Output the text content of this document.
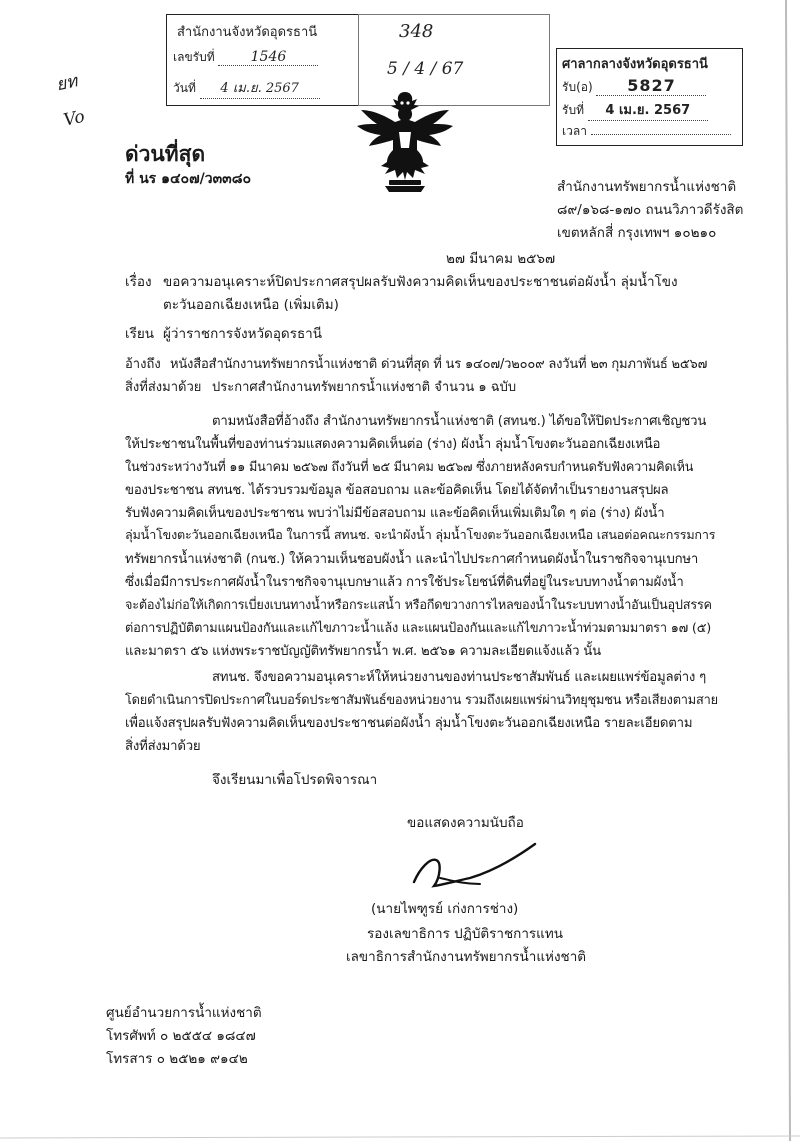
ยท
Vo
สำนักงานจังหวัดอุดรธานี
เลขรับที่	1546
วันที่ 4 เม.ย. 2567
348
5 / 4 / 67	ศาลากลางจังหวัดอุดรธานี
รับ(อ) 5827
รับที่ 4 เม.ย. 2567
เวลา
ด่วนที่สุด
ที่ นร ๑๔๐๗/ว๓๓๘๐	สำนักงานทรัพยากรน้ำแห่งชาติ
๘๙/๑๖๘-๑๗๐ ถนนวิภาวดีรังสิต
เขตหลักสี่ กรุงเทพฯ ๑๐๒๑๐
๒๗ มีนาคม ๒๕๖๗
เรื่อง ขอความอนุเคราะห์ปิดประกาศสรุปผลรับฟังความคิดเห็นของประชาชนต่อผังน้ำ ลุ่มน้ำโขง
ตะวันออกเฉียงเหนือ (เพิ่มเติม)
เรียน ผู้ว่าราชการจังหวัดอุดรธานี
อ้างถึง หนังสือสำนักงานทรัพยากรน้ำแห่งชาติ ด่วนที่สุด ที่ นร ๑๔๐๗/ว๒๐๐๙ ลงวันที่ ๒๓ กุมภาพันธ์ ๒๕๖๗
สิ่งที่ส่งมาด้วย ประกาศสำนักงานทรัพยากรน้ำแห่งชาติ จำนวน ๑ ฉบับ
ตามหนังสือที่อ้างถึง สำนักงานทรัพยากรน้ำแห่งชาติ (สทนช.) ได้ขอให้ปิดประกาศเชิญชวน
ให้ประชาชนในพื้นที่ของท่านร่วมแสดงความคิดเห็นต่อ (ร่าง) ผังน้ำ ลุ่มน้ำโขงตะวันออกเฉียงเหนือ
ในช่วงระหว่างวันที่ ๑๑ มีนาคม ๒๕๖๗ ถึงวันที่ ๒๕ มีนาคม ๒๕๖๗ ซึ่งภายหลังครบกำหนดรับฟังความคิดเห็น
ของประชาชน สทนช. ได้รวบรวมข้อมูล ข้อสอบถาม และข้อคิดเห็น โดยได้จัดทำเป็นรายงานสรุปผล
รับฟังความคิดเห็นของประชาชน พบว่าไม่มีข้อสอบถาม และข้อคิดเห็นเพิ่มเติมใด ๆ ต่อ (ร่าง) ผังน้ำ
ลุ่มน้ำโขงตะวันออกเฉียงเหนือ ในการนี้ สทนช. จะนำผังน้ำ ลุ่มน้ำโขงตะวันออกเฉียงเหนือ เสนอต่อคณะกรรมการ
ทรัพยากรน้ำแห่งชาติ (กนช.) ให้ความเห็นชอบผังน้ำ และนำไปประกาศกำหนดผังน้ำในราชกิจจานุเบกษา
ซึ่งเมื่อมีการประกาศผังน้ำในราชกิจจานุเบกษาแล้ว การใช้ประโยชน์ที่ดินที่อยู่ในระบบทางน้ำตามผังน้ำ
จะต้องไม่ก่อให้เกิดการเบี่ยงเบนทางน้ำหรือกระแสน้ำ หรือกีดขวางการไหลของน้ำในระบบทางน้ำอันเป็นอุปสรรค
ต่อการปฏิบัติตามแผนป้องกันและแก้ไขภาวะน้ำแล้ง และแผนป้องกันและแก้ไขภาวะน้ำท่วมตามมาตรา ๑๗ (๕)
และมาตรา ๕๖ แห่งพระราชบัญญัติทรัพยากรน้ำ พ.ศ. ๒๕๖๑ ความละเอียดแจ้งแล้ว นั้น
สทนช. จึงขอความอนุเคราะห์ให้หน่วยงานของท่านประชาสัมพันธ์ และเผยแพร่ข้อมูลต่าง ๆ
โดยดำเนินการปิดประกาศในบอร์ดประชาสัมพันธ์ของหน่วยงาน รวมถึงเผยแพร่ผ่านวิทยุชุมชน หรือเสียงตามสาย
เพื่อแจ้งสรุปผลรับฟังความคิดเห็นของประชาชนต่อผังน้ำ ลุ่มน้ำโขงตะวันออกเฉียงเหนือ รายละเอียดตาม
สิ่งที่ส่งมาด้วย
จึงเรียนมาเพื่อโปรดพิจารณา
ขอแสดงความนับถือ
(นายไพฑูรย์ เก่งการช่าง)
รองเลขาธิการ ปฏิบัติราชการแทน
เลขาธิการสำนักงานทรัพยากรน้ำแห่งชาติ
ศูนย์อำนวยการน้ำแห่งชาติ
โทรศัพท์ ๐ ๒๕๕๔ ๑๘๔๗
โทรสาร ๐ ๒๕๒๑ ๙๑๔๒
